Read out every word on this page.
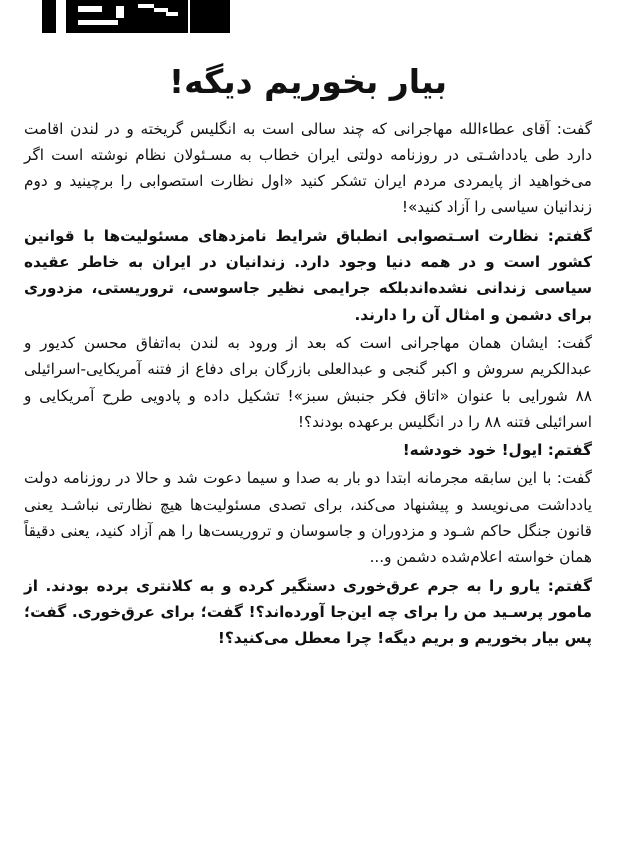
بیار بخوریم دیگه!

گفت: آقای عطاءالله مهاجرانی که چند سالی است به انگلیس گریخته و در لندن اقامت دارد طی یادداشـتی در روزنامه دولتی ایران خطاب به مسـئولان نظام نوشته است اگر می‌خواهید از پایمردی مردم ایران تشکر کنید «اول نظارت استصوابی را برچینید و دوم زندانیان سیاسی را آزاد کنید»!

گفتم: نظارت اسـتصوابی انطباق شرایط نامزدهای مسئولیت‌ها با قوانین کشور است و در همه دنیا وجود دارد. زندانیان در ایران به خاطر عقیده سیاسی زندانی نشده‌اندبلکه جرایمی نظیر جاسوسی، تروریستی، مزدوری برای دشمن و امثال آن را دارند.

گفت: ایشان همان مهاجرانی است که بعد از ورود به لندن به‌اتفاق محسن کدیور و عبدالکریم سروش و اکبر گنجی و عبدالعلی بازرگان برای دفاع از فتنه آمریکایی-اسرائیلی ۸۸ شورایی با عنوان «اتاق فکر جنبش سبز»! تشکیل داده و پادویی طرح آمریکایی و اسرائیلی فتنه ۸۸ را در انگلیس برعهده بودند؟!

گفتم: ایول! خود خودشه!

گفت: با این سابقه مجرمانه ابتدا دو بار به صدا و سیما دعوت شد و حالا در روزنامه دولت یادداشت می‌نویسد و پیشنهاد می‌کند، برای تصدی مسئولیت‌ها هیچ نظارتی نباشـد یعنی قانون جنگل حاکم شـود و مزدوران و جاسوسان و تروریست‌ها را هم آزاد کنید، یعنی دقیقاً همان خواسته اعلام‌شده دشمن و...

گفتم: یارو را به جرم عرق‌خوری دستگیر کرده و به کلانتری برده بودند. از مامور پرسـید من را برای چه این‌جا آورده‌اند؟! گفت؛ برای عرق‌خوری. گفت؛ پس بیار بخوریم و بریم دیگه! چرا معطل می‌کنید؟!
